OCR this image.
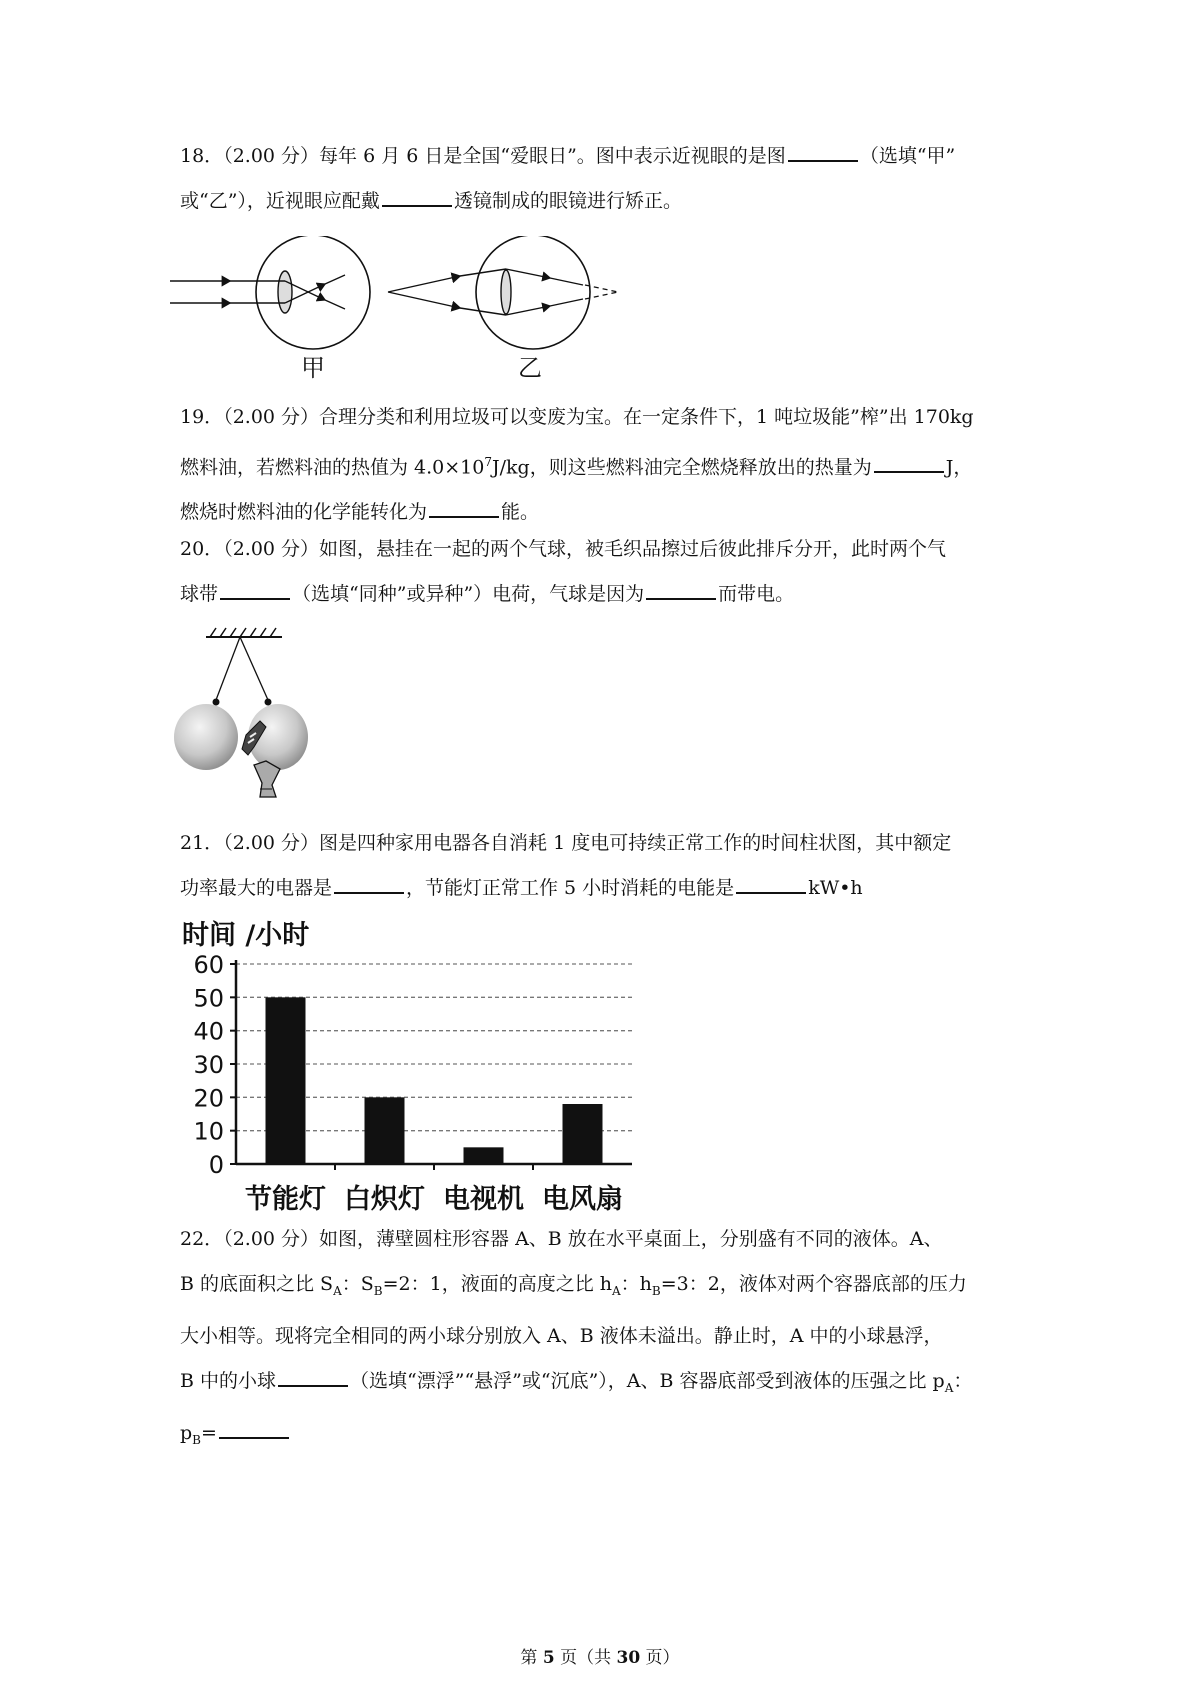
18．（2.00 分）每年 6 月 6 日是全国“爱眼日”。图中表示近视眼的是图	（选填“甲”
或“乙”），近视眼应配戴	透镜制成的眼镜进行矫正。
甲	乙
19．（2.00 分）合理分类和利用垃圾可以变废为宝。在一定条件下，1 吨垃圾能”榨”出 170kg
燃料油，若燃料油的热值为 $4.0\times 10^7J/kg$，则这些燃料油完全燃烧释放出的热量为	J，
燃烧时燃料油的化学能转化为	能。
20．（2.00 分）如图，悬挂在一起的两个气球，被毛织品擦过后彼此排斥分开，此时两个气
球带	（选填“同种”或异种”）电荷，气球是因为	而带电。
21．（2.00 分）图是四种家用电器各自消耗 1 度电可持续正常工作的时间柱状图，其中额定
功率最大的电器是	，节能灯正常工作 5 小时消耗的电能是	kW•h
时间 /小时
0
10
20
30
40
50
60
节能灯 白炽灯 电视机 电风扇
22．（2.00 分）如图，薄壁圆柱形容器 A、B 放在水平桌面上，分别盛有不同的液体。A、
B 的底面积之比 $S_A$：$S_B=2$：1，液面的高度之比 $h_A$：$h_B=3$：2，液体对两个容器底部的压力
大小相等。现将完全相同的两小球分别放入 A、B 液体未溢出。静止时，A 中的小球悬浮，
B 中的小球	（选填“漂浮”“悬浮”或“沉底”），A、B 容器底部受到液体的压强之比 $p_A$：
$p_B=$
第 5 页（共 30 页）
